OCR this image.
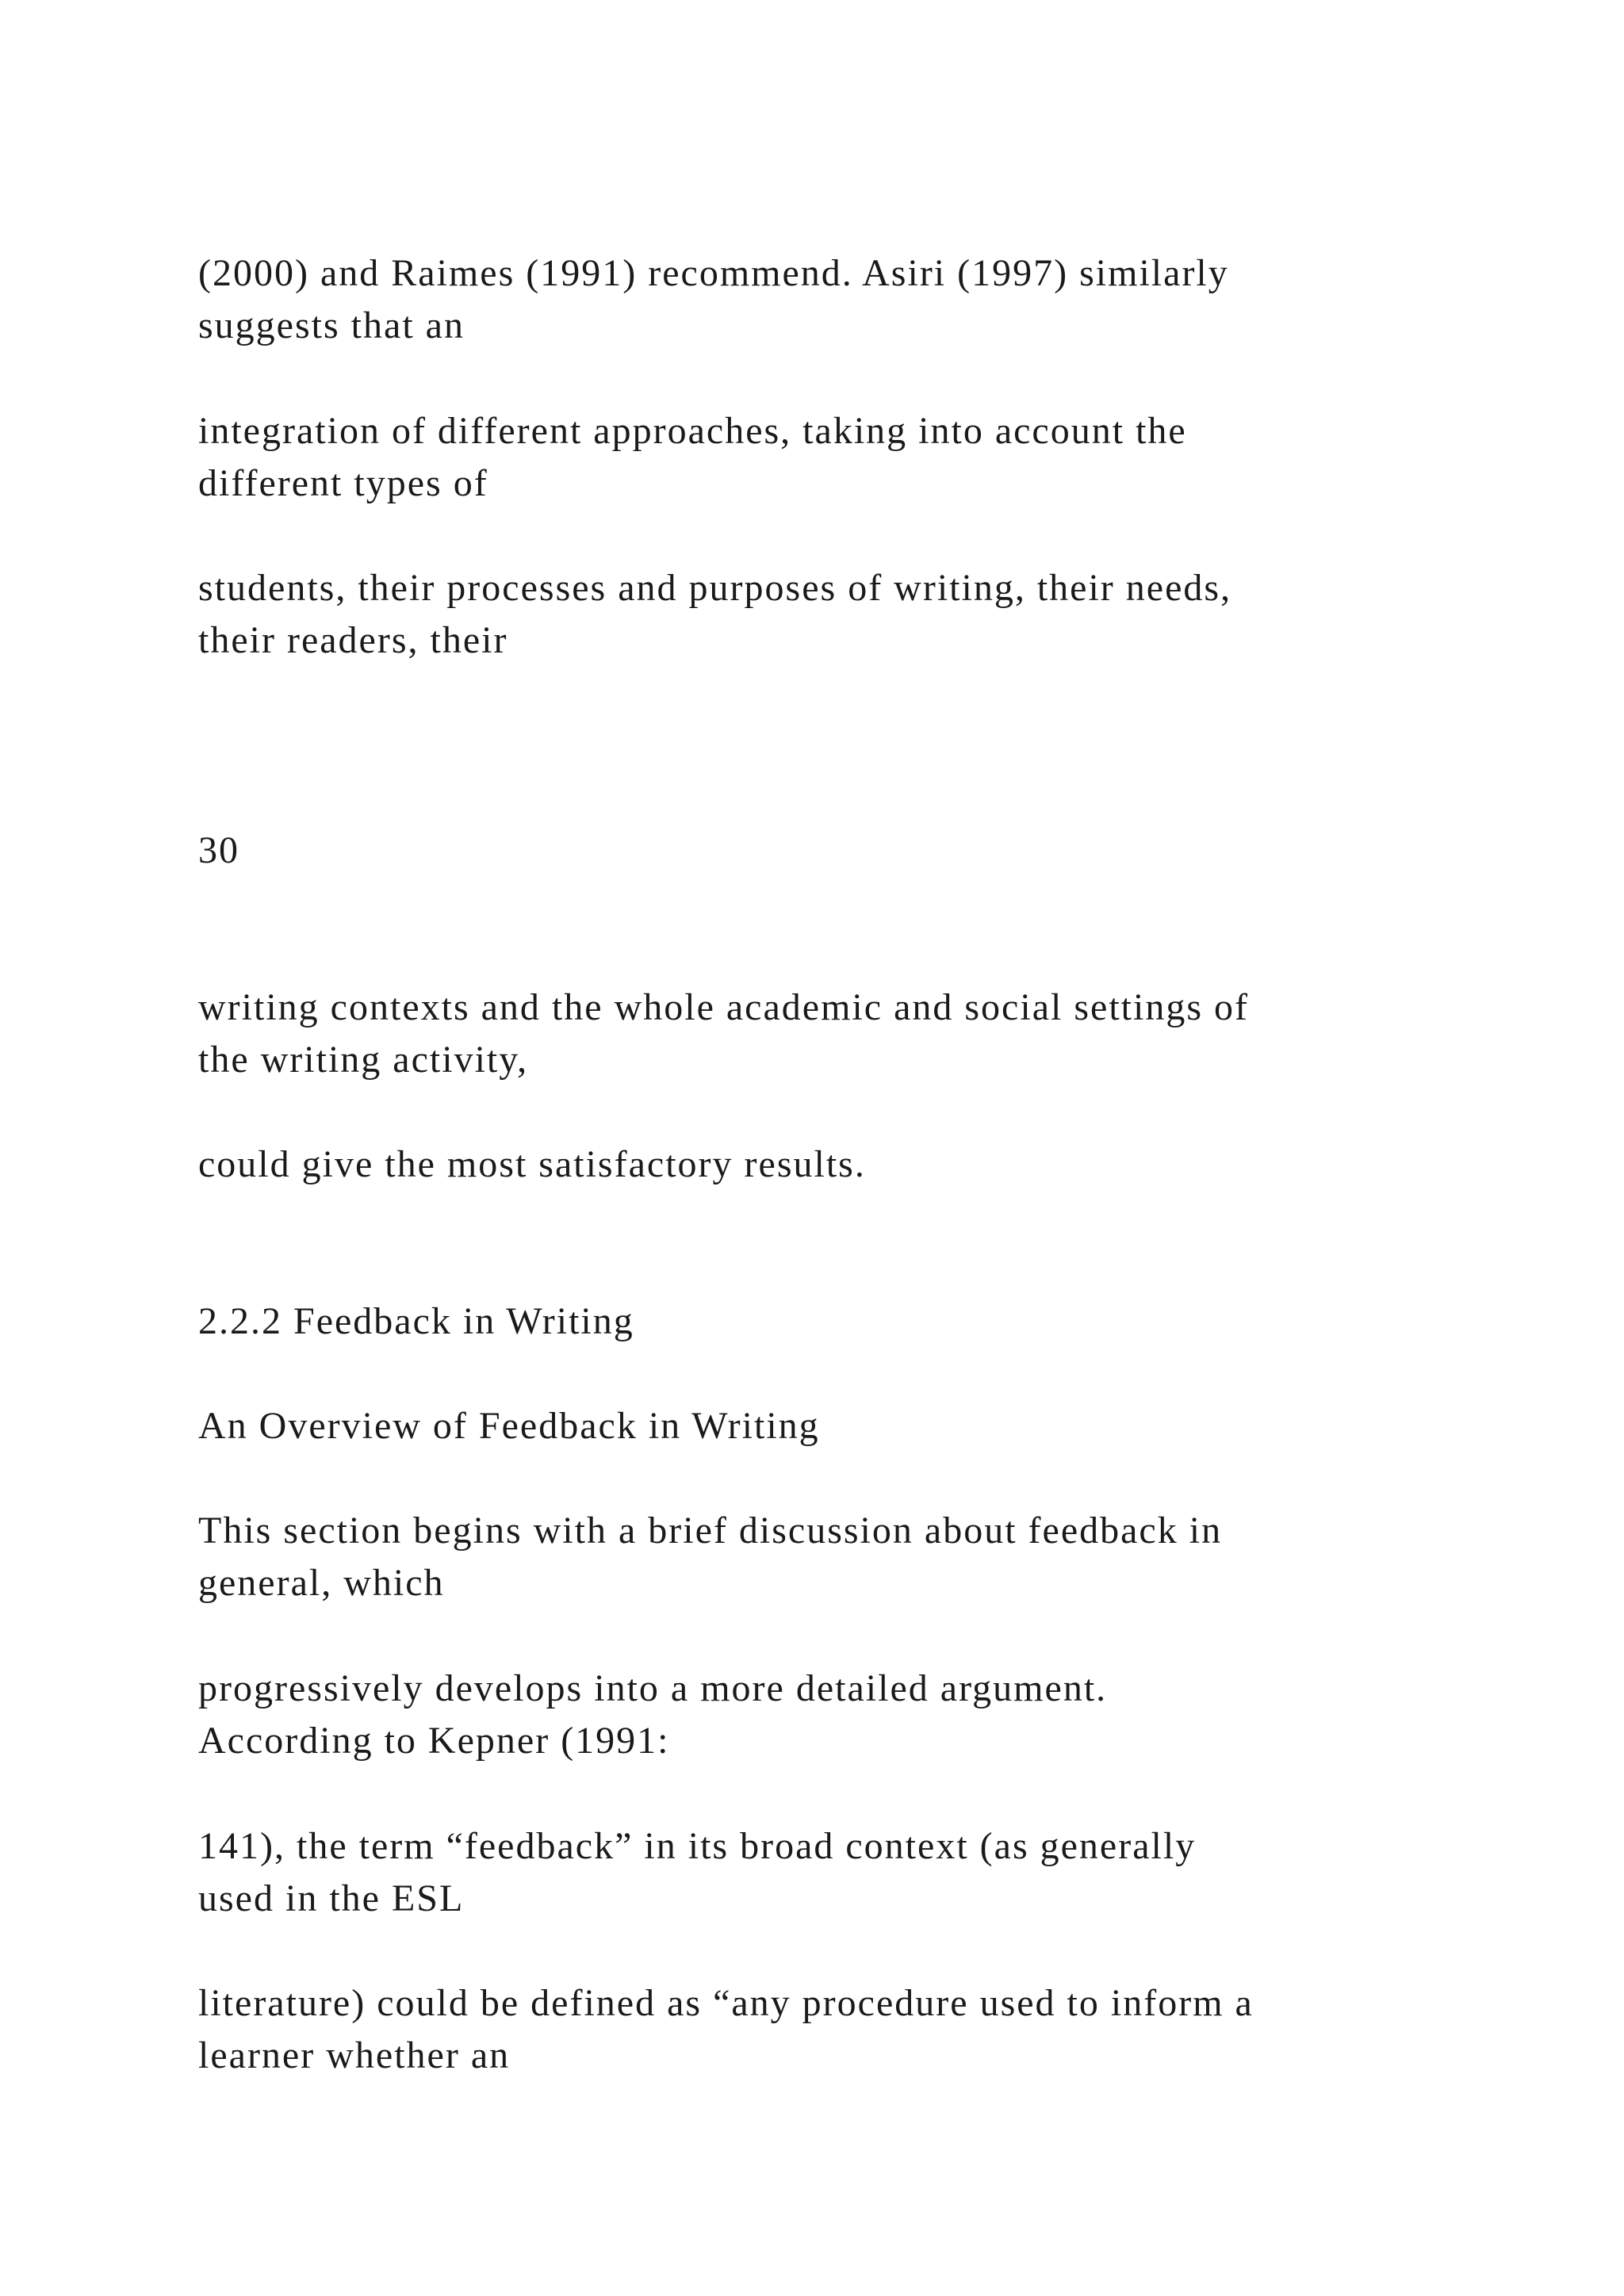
(2000) and Raimes (1991) recommend. Asiri (1997) similarly

suggests that an

integration of different approaches, taking into account the

different types of

students, their processes and purposes of writing, their needs,

their readers, their

30

writing contexts and the whole academic and social settings of

the writing activity,

could give the most satisfactory results.

2.2.2 Feedback in Writing

An Overview of Feedback in Writing

This section begins with a brief discussion about feedback in

general, which

progressively develops into a more detailed argument.

According to Kepner (1991:

141), the term “feedback” in its broad context (as generally

used in the ESL

literature) could be defined as “any procedure used to inform a

learner whether an
